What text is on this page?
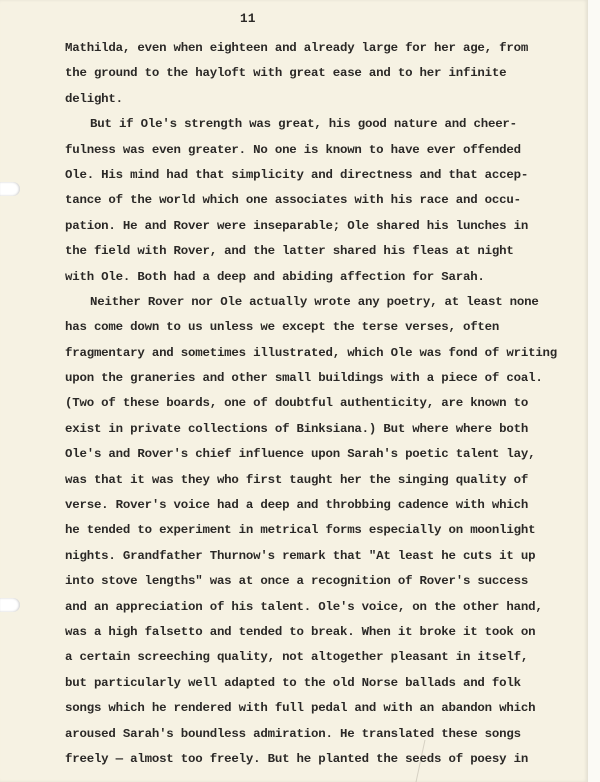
11
Mathilda, even when eighteen and already large for her age, from
the ground to the hayloft with great ease and to her infinite
delight.
But if Ole's strength was great, his good nature and cheer-
fulness was even greater. No one is known to have ever offended
Ole. His mind had that simplicity and directness and that accep-
tance of the world which one associates with his race and occu-
pation. He and Rover were inseparable; Ole shared his lunches in
the field with Rover, and the latter shared his fleas at night
with Ole. Both had a deep and abiding affection for Sarah.
Neither Rover nor Ole actually wrote any poetry, at least none
has come down to us unless we except the terse verses, often
fragmentary and sometimes illustrated, which Ole was fond of writing
upon the graneries and other small buildings with a piece of coal.
(Two of these boards, one of doubtful authenticity, are known to
exist in private collections of Binksiana.) But where where both
Ole's and Rover's chief influence upon Sarah's poetic talent lay,
was that it was they who first taught her the singing quality of
verse. Rover's voice had a deep and throbbing cadence with which
he tended to experiment in metrical forms especially on moonlight
nights. Grandfather Thurnow's remark that "At least he cuts it up
into stove lengths" was at once a recognition of Rover's success
and an appreciation of his talent. Ole's voice, on the other hand,
was a high falsetto and tended to break. When it broke it took on
a certain screeching quality, not altogether pleasant in itself,
but particularly well adapted to the old Norse ballads and folk
songs which he rendered with full pedal and with an abandon which
aroused Sarah's boundless admiration. He translated these songs
freely — almost too freely. But he planted the seeds of poesy in
